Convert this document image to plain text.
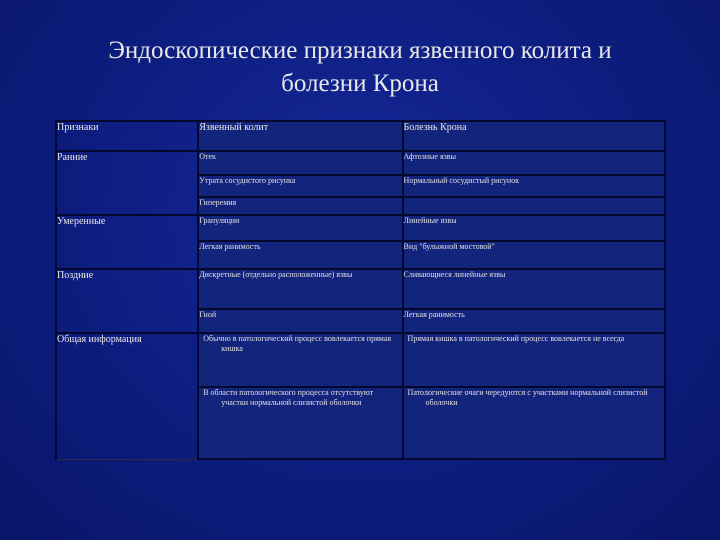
Эндоскопические признаки язвенного колита и
болезни Крона
Признаки	Язвенный колит	Болезнь Крона
Ранние	Отек	Афтозные язвы
	Утрата сосудистого рисунка	Нормальный сосудистый рисунок
	Гиперемия	
Умеренные	Грануляции	Линейные язвы
	Легкая ранимость	Вид "булыжной мостовой"
Поздние	Дискретные (отдельно расположенные) язвы	Сливающиеся линейные язвы
	Гной	Легкая ранимость
Общая информация	Обычно в патологический процесс вовлекается прямая кишка	Прямая кишка в патологический процесс вовлекается не всегда

	В области патологического процесса отсутствуют участки нормальной слизистой оболочки	Патологические очаги чередуются с участками нормальной слизистой оболочки
